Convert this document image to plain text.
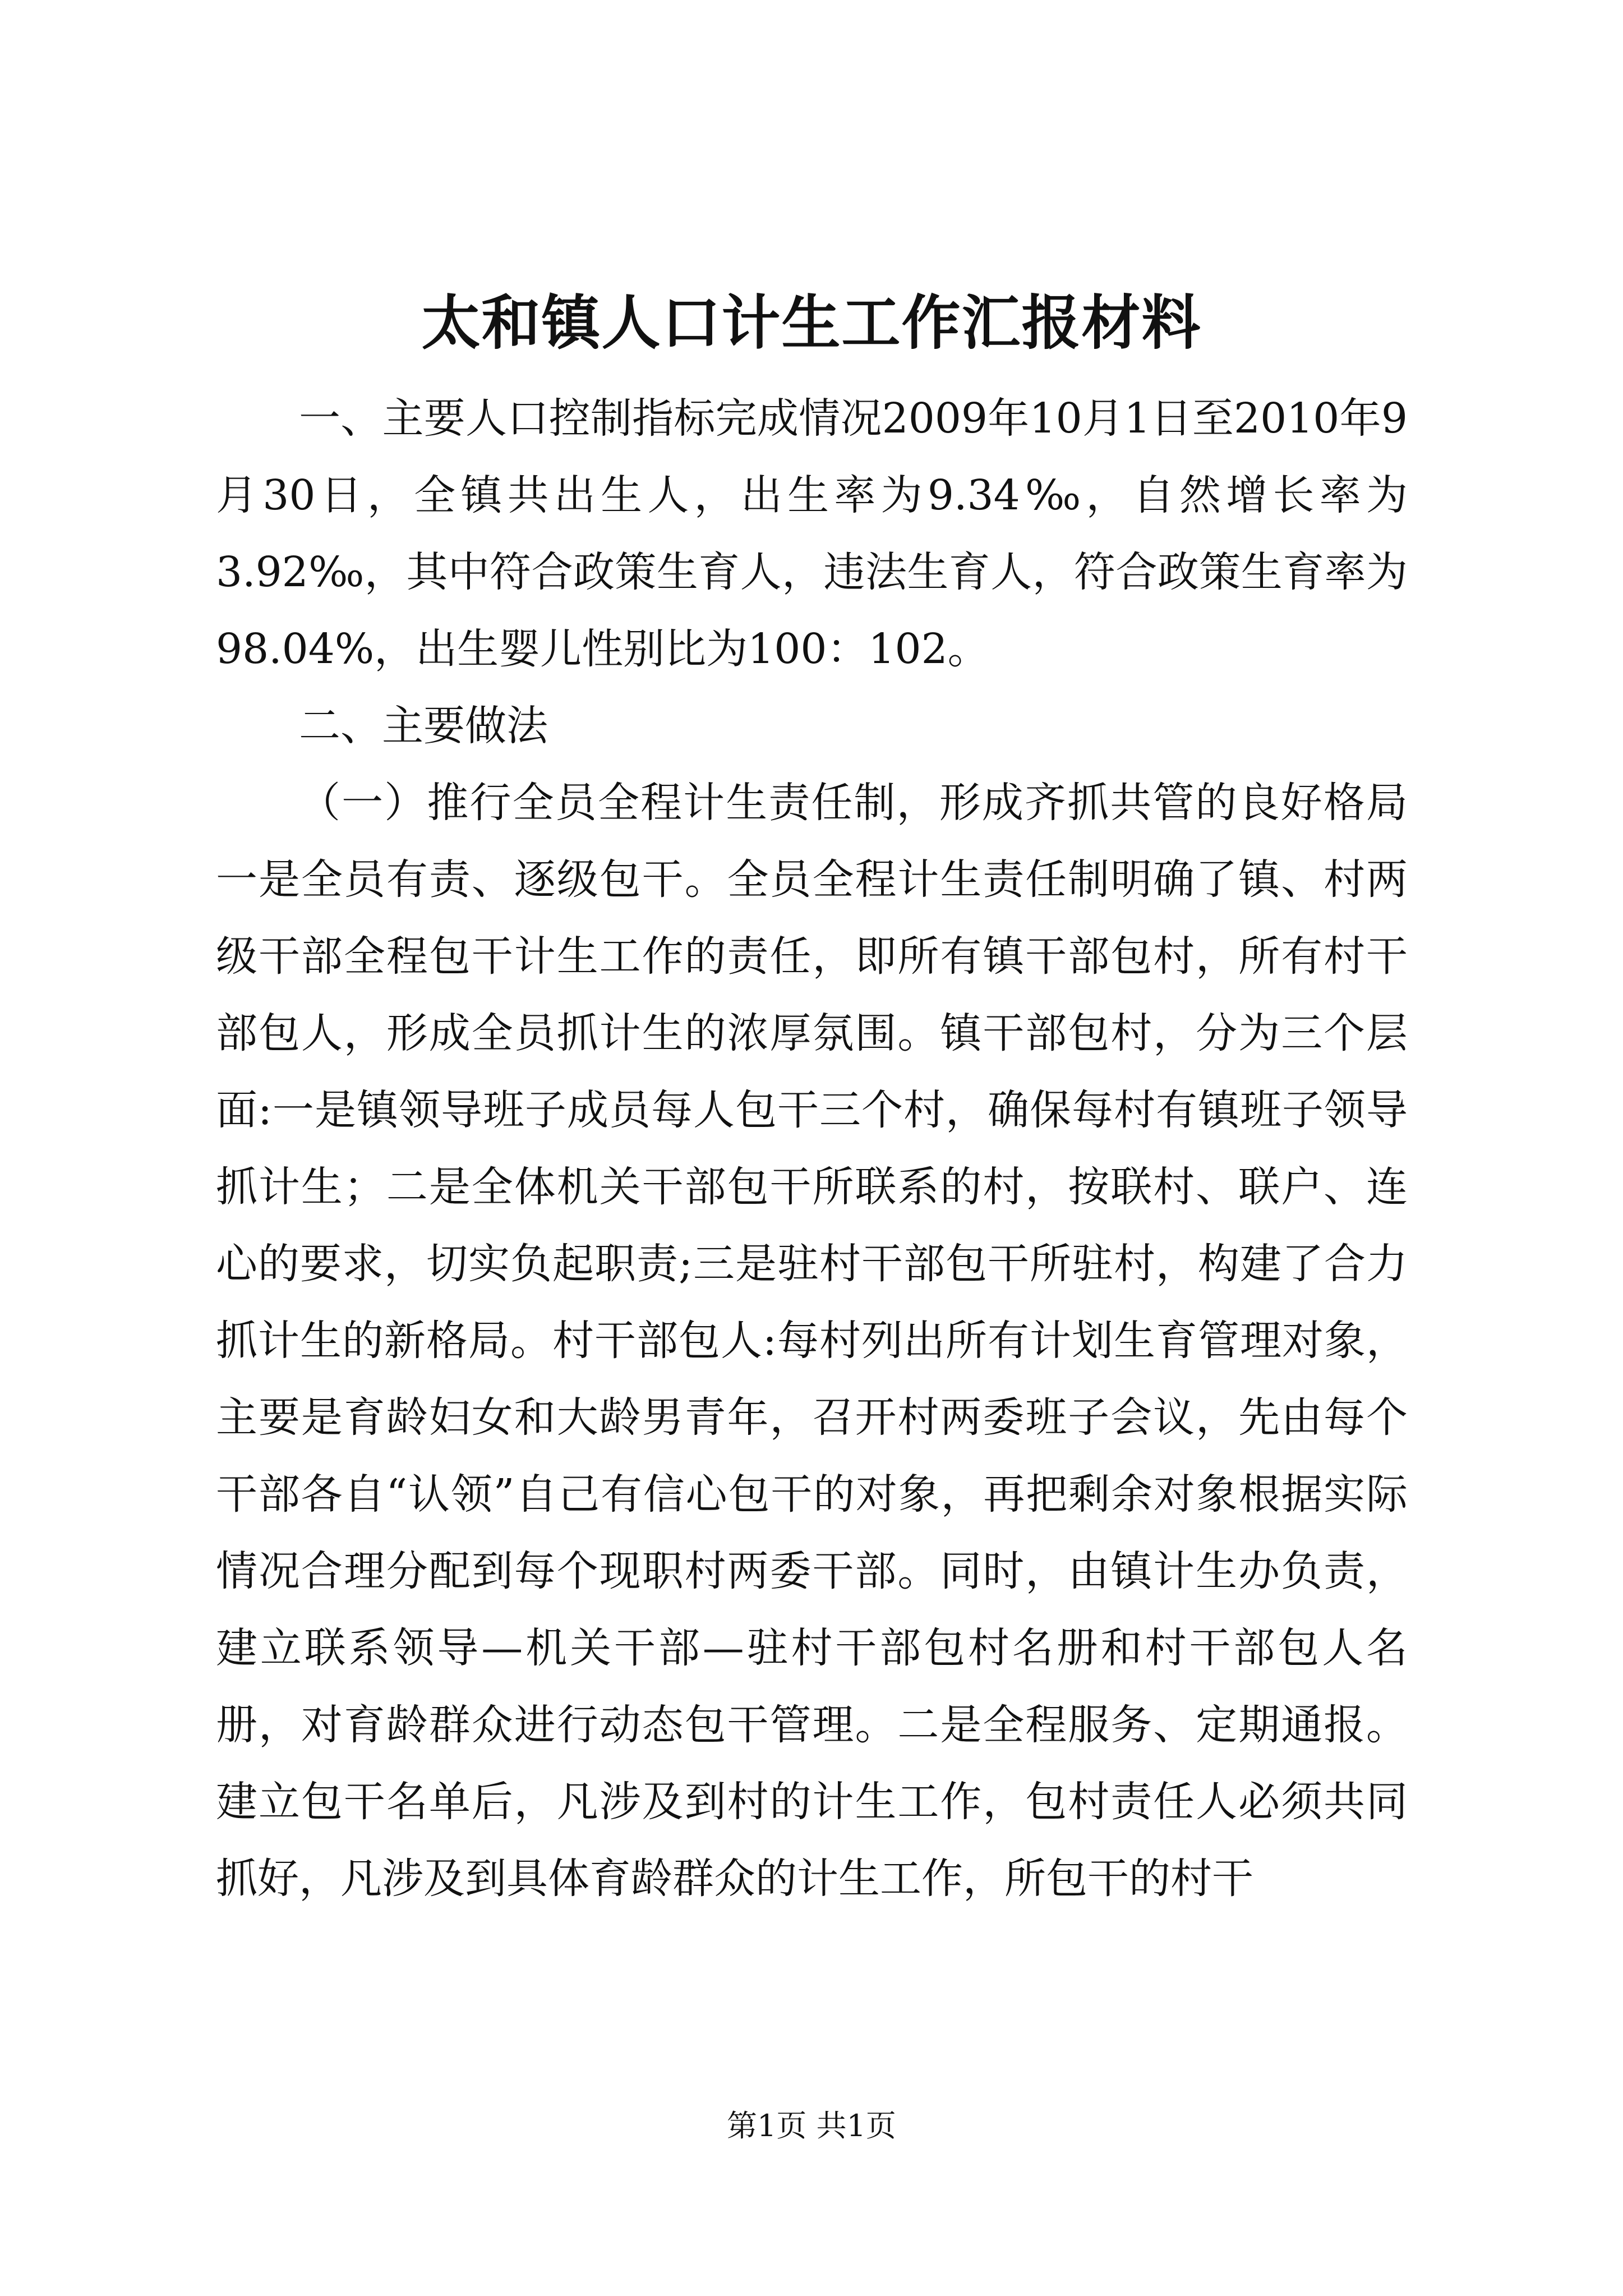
太和镇人口计生工作汇报材料

一、主要人口控制指标完成情况2009年10月1日至2010年9月30日，全镇共出生人，出生率为9.34‰，自然增长率为3.92‰，其中符合政策生育人，违法生育人，符合政策生育率为98.04%，出生婴儿性别比为100：102。

二、主要做法

（一）推行全员全程计生责任制，形成齐抓共管的良好格局一是全员有责、逐级包干。全员全程计生责任制明确了镇、村两级干部全程包干计生工作的责任，即所有镇干部包村，所有村干部包人，形成全员抓计生的浓厚氛围。镇干部包村，分为三个层面:一是镇领导班子成员每人包干三个村，确保每村有镇班子领导抓计生；二是全体机关干部包干所联系的村，按联村、联户、连心的要求，切实负起职责;三是驻村干部包干所驻村，构建了合力抓计生的新格局。村干部包人:每村列出所有计划生育管理对象，主要是育龄妇女和大龄男青年，召开村两委班子会议，先由每个干部各自“认领”自己有信心包干的对象，再把剩余对象根据实际情况合理分配到每个现职村两委干部。同时，由镇计生办负责，建立联系领导—机关干部—驻村干部包村名册和村干部包人名册，对育龄群众进行动态包干管理。二是全程服务、定期通报。建立包干名单后，凡涉及到村的计生工作，包村责任人必须共同抓好，凡涉及到具体育龄群众的计生工作，所包干的村干

第1页 共1页
